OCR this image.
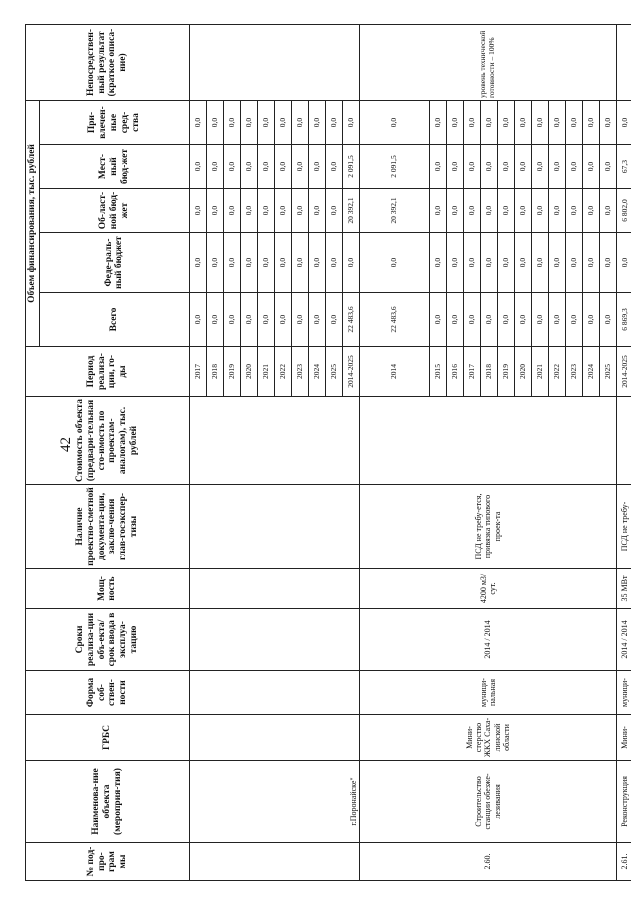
42
№ под-про-грам мы	Наименова-ние объекта (мероприя-тия)	ГРБС	Форма соб-ствен-ности	Сроки реализа-ции объ-екта/срок ввода в эксплуа-тацию	Мощ-ность	Наличие проектно-сметной документа-ции, заклю-чения глав-госэкспер-тизы	Стоимость объекта (предвари-тельная сто-имость по проектам-аналогам), тыс. рублей	Период реализа-ции, го-ды	Объем финансирования, тыс. рублей					Непосредствен-ный результат (краткое описа-ние)
									Всего	Феде-раль-ный бюджет	Об-ласт-ной бюд-жет	Мест-ный бюд-жет	При-влечен-ные сред-ства	
	г.Поронайске"							2017	0,0	0,0	0,0	0,0	0,0	
								2018	0,0	0,0	0,0	0,0	0,0	
								2019	0,0	0,0	0,0	0,0	0,0	
								2020	0,0	0,0	0,0	0,0	0,0	
								2021	0,0	0,0	0,0	0,0	0,0	
								2022	0,0	0,0	0,0	0,0	0,0	
								2023	0,0	0,0	0,0	0,0	0,0	
								2024	0,0	0,0	0,0	0,0	0,0	
								2025	0,0	0,0	0,0	0,0	0,0	
								2014-2025	22 483,6	0,0	20 392,1	2 091,5	0,0	
2.60.	Строительство станции обезже-лезивания	Мини-стерство ЖКХ Саха-линской области	муници-пальная	2014 / 2014	4200 м3/сут.	ПСД не требу-ется, привязка типового проек-та		2014	22 483,6	0,0	20 392,1	2 091,5	0,0	уровень технической готовности – 100%
								2015	0,0	0,0	0,0	0,0	0,0	
								2016	0,0	0,0	0,0	0,0	0,0	
								2017	0,0	0,0	0,0	0,0	0,0	
								2018	0,0	0,0	0,0	0,0	0,0	
								2019	0,0	0,0	0,0	0,0	0,0	
								2020	0,0	0,0	0,0	0,0	0,0	
								2021	0,0	0,0	0,0	0,0	0,0	
								2022	0,0	0,0	0,0	0,0	0,0	
								2023	0,0	0,0	0,0	0,0	0,0	
								2024	0,0	0,0	0,0	0,0	0,0	
								2025	0,0	0,0	0,0	0,0	0,0	
2.61.	Реконструкция	Мини-	муници-	2014 / 2014	35 МВт	ПСД не требу-		2014-2025	6 869,3	0,0	6 802,0	67,3	0,0	
